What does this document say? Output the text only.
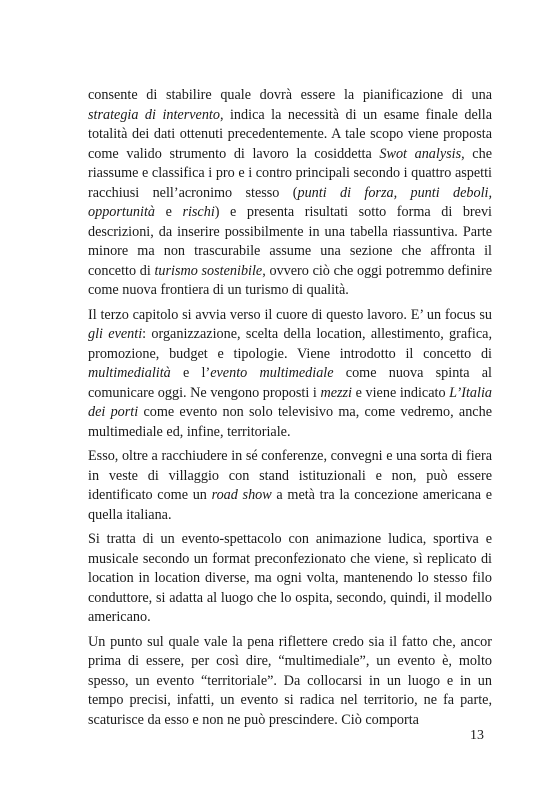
consente di stabilire quale dovrà essere la pianificazione di una strategia di intervento, indica la necessità di un esame finale della totalità dei dati ottenuti precedentemente. A tale scopo viene proposta come valido strumento di lavoro la cosiddetta Swot analysis, che riassume e classifica i pro e i contro principali secondo i quattro aspetti racchiusi nell’acronimo stesso (punti di forza, punti deboli, opportunità e rischi) e presenta risultati sotto forma di brevi descrizioni, da inserire possibilmente in una tabella riassuntiva. Parte minore ma non trascurabile assume una sezione che affronta il concetto di turismo sostenibile, ovvero ciò che oggi potremmo definire come nuova frontiera di un turismo di qualità.

Il terzo capitolo si avvia verso il cuore di questo lavoro. E’ un focus su gli eventi: organizzazione, scelta della location, allestimento, grafica, promozione, budget e tipologie. Viene introdotto il concetto di multimedialità e l’evento multimediale come nuova spinta al comunicare oggi. Ne vengono proposti i mezzi e viene indicato L’Italia dei porti come evento non solo televisivo ma, come vedremo, anche multimediale ed, infine, territoriale.

Esso, oltre a racchiudere in sé conferenze, convegni e una sorta di fiera in veste di villaggio con stand istituzionali e non, può essere identificato come un road show a metà tra la concezione americana e quella italiana.

Si tratta di un evento-spettacolo con animazione ludica, sportiva e musicale secondo un format preconfezionato che viene, sì replicato di location in location diverse, ma ogni volta, mantenendo lo stesso filo conduttore, si adatta al luogo che lo ospita, secondo, quindi, il modello americano.

Un punto sul quale vale la pena riflettere credo sia il fatto che, ancor prima di essere, per così dire, “multimediale”, un evento è, molto spesso, un evento “territoriale”. Da collocarsi in un luogo e in un tempo precisi, infatti, un evento si radica nel territorio, ne fa parte, scaturisce da esso e non ne può prescindere. Ciò comporta

13
